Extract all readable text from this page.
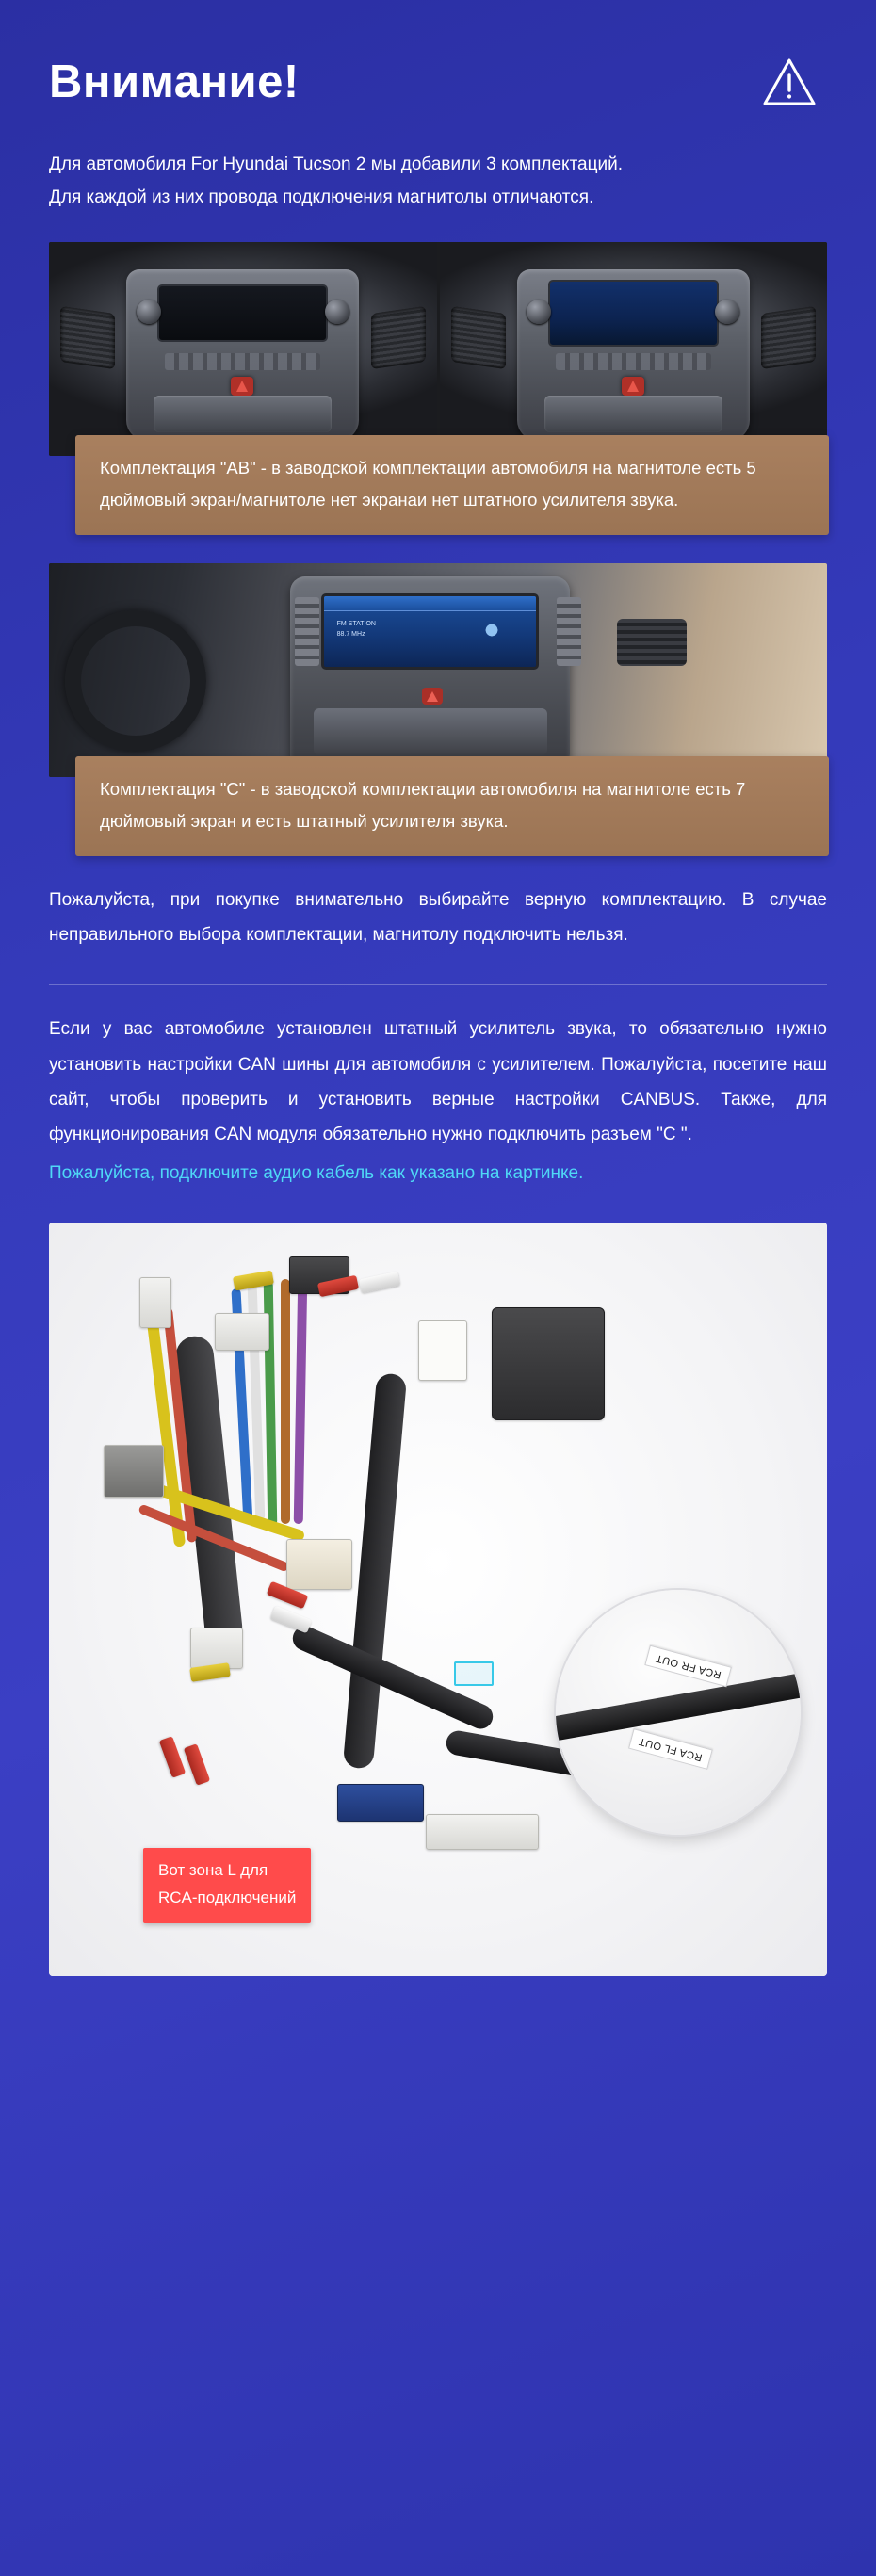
Внимание!

Для автомобиля For Hyundai Tucson 2 мы добавили 3 комплектаций.

Для каждой из них провода подключения магнитолы отличаются.

Комплектация "AB" - в заводской комплектации автомобиля на магнитоле есть 5 дюймовый экран/магнитоле нет экранаи нет штатного усилителя звука.
FM STATION
88.7 MHz
Комплектация "C" - в заводской комплектации автомобиля на магнитоле есть 7 дюймовый экран и есть штатный усилителя звука.
Пожалуйста, при покупке внимательно выбирайте верную комплектацию. В случае неправильного выбора комплектации, магнитолу подключить нельзя.
Если у вас автомобиле установлен штатный усилитель звука, то обязательно нужно установить настройки CAN шины для автомобиля с усилителем. Пожалуйста, посетите наш сайт, чтобы проверить и установить верные настройки CANBUS. Также, для функционирования CAN модуля обязательно нужно подключить разъем "C ".
Пожалуйста, подключите аудио кабель как указано на картинке.
RCA FR OUT
RCA FL OUT
Вот зона L для
RCA-подключений
